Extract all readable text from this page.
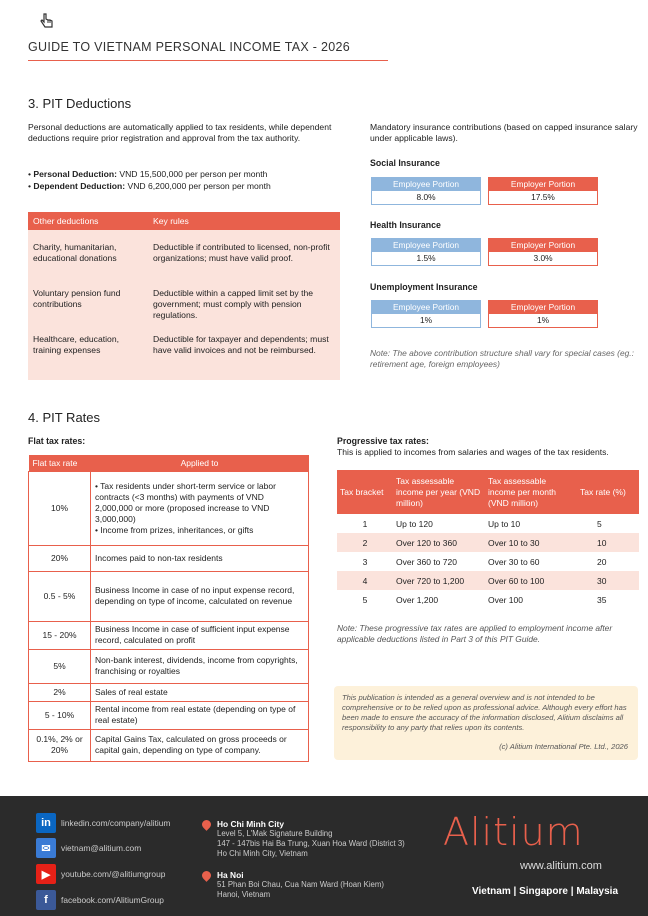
GUIDE TO VIETNAM PERSONAL INCOME TAX - 2026
3. PIT Deductions
Personal deductions are automatically applied to tax residents, while dependent deductions require prior registration and approval from the tax authority.
• Personal Deduction: VND 15,500,000 per person per month
• Dependent Deduction: VND 6,200,000 per person per month
Other deductions	Key rules
Charity, humanitarian, educational donations	Deductible if contributed to licensed, non-profit organizations; must have valid proof.
Voluntary pension fund contributions	Deductible within a capped limit set by the government; must comply with pension regulations.
Healthcare, education, training expenses	Deductible for taxpayer and dependents; must have valid invoices and not be reimbursed.
Mandatory insurance contributions (based on capped insurance salary under applicable laws).
Social Insurance
Employee Portion
8.0%
Employer Portion
17.5%
Health Insurance
Employee Portion
1.5%
Employer Portion
3.0%
Unemployment Insurance
Employee Portion
1%
Employer Portion
1%
Note: The above contribution structure shall vary for special cases (eg.: retirement age, foreign employees)
4. PIT Rates
Flat tax rates:
Flat tax rate	Applied to
10%	• Tax residents under short-term service or labor contracts (<3 months) with payments of VND 2,000,000 or more (proposed increase to VND 3,000,000)
• Income from prizes, inheritances, or gifts
20%	Incomes paid to non-tax residents
0.5 - 5%	Business Income in case of no input expense record, depending on type of income, calculated on revenue
15 - 20%	Business Income in case of sufficient input expense record, calculated on profit
5%	Non-bank interest, dividends, income from copyrights, franchising or royalties
2%	Sales of real estate
5 - 10%	Rental income from real estate (depending on type of real estate)
0.1%, 2% or 20%	Capital Gains Tax, calculated on gross proceeds or capital gain, depending on type of company.
Progressive tax rates:
This is applied to incomes from salaries and wages of the tax residents.
Tax bracket	Tax assessable income per year (VND million)	Tax assessable income per month (VND million)	Tax rate (%)
1	Up to 120	Up to 10	5
2	Over 120 to 360	Over 10 to 30	10
3	Over 360 to 720	Over 30 to 60	20
4	Over 720 to 1,200	Over 60 to 100	30
5	Over 1,200	Over 100	35
Note: These progressive tax rates are applied to employment income after applicable deductions listed in Part 3 of this PIT Guide.
This publication is intended as a general overview and is not intended to be comprehensive or to be relied upon as professional advice. Although every effort has been made to ensure the accuracy of the information disclosed, Alitium disclaims all responsibility to any party that relies upon its contents.
(c) Alitium International Pte. Ltd., 2026
in	linkedin.com/company/alitium
✉	vietnam@alitium.com
▶	youtube.com/@alitiumgroup
f	facebook.com/AlitiumGroup
Ho Chi Minh City
Level 5, L'Mak Signature Building
147 - 147bis Hai Ba Trung, Xuan Hoa Ward (District 3)
Ho Chi Minh City, Vietnam
Ha Noi
51 Phan Boi Chau, Cua Nam Ward (Hoan Kiem)
Hanoi, Vietnam
Alitium
www.alitium.com
Vietnam | Singapore | Malaysia
